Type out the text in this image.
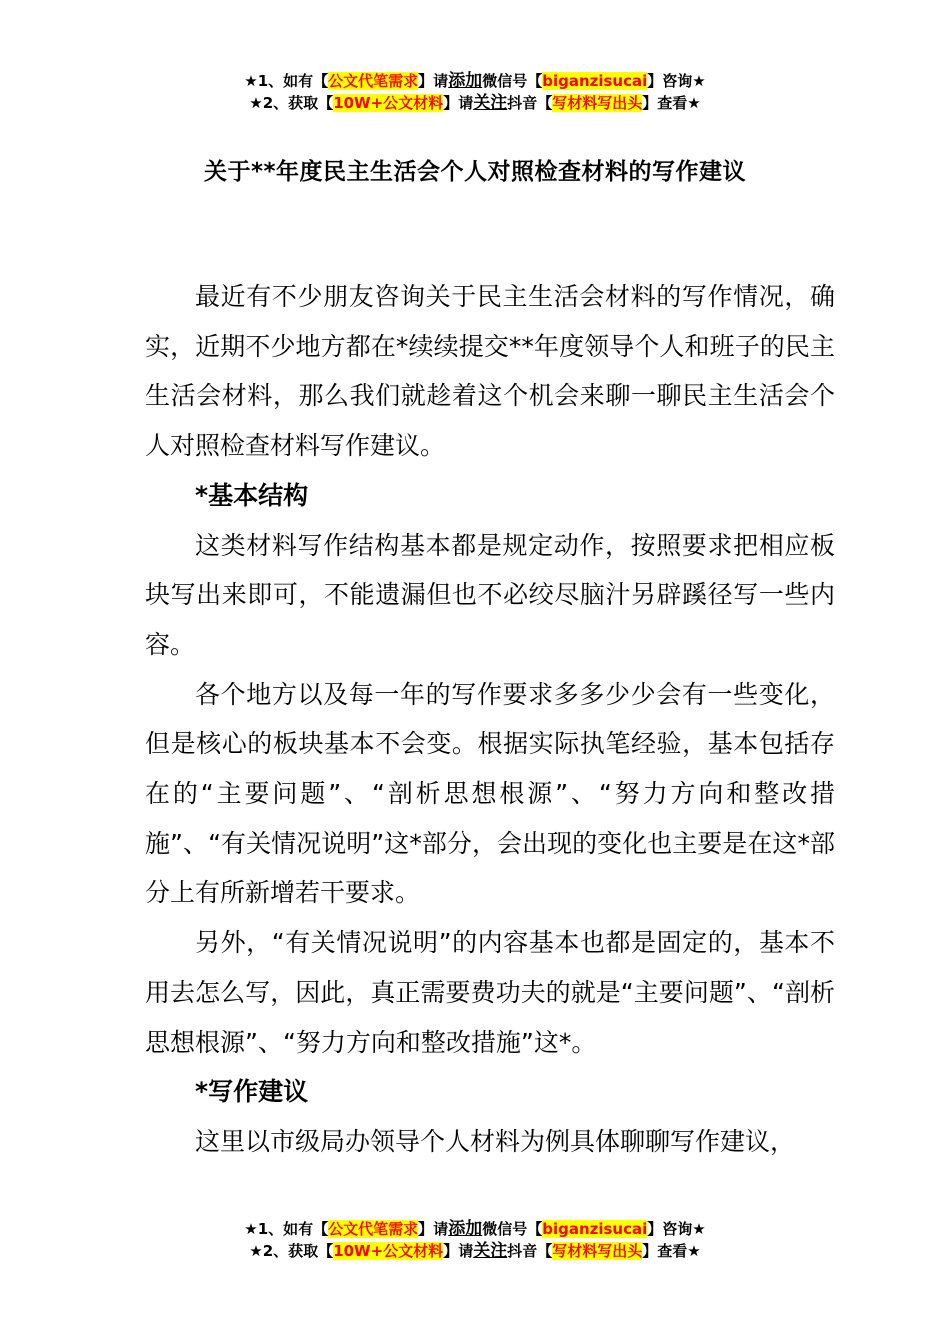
★1、如有【公文代笔需求】请添加微信号【biganzisucai】咨询★
★2、获取【10W+公文材料】请关注抖音【写材料写出头】查看★
关于**年度民主生活会个人对照检查材料的写作建议

最近有不少朋友咨询关于民主生活会材料的写作情况，确实，近期不少地方都在*续续提交**年度领导个人和班子的民主生活会材料，那么我们就趁着这个机会来聊一聊民主生活会个人对照检查材料写作建议。

*基本结构

这类材料写作结构基本都是规定动作，按照要求把相应板块写出来即可，不能遗漏但也不必绞尽脑汁另辟蹊径写一些内容。

各个地方以及每一年的写作要求多多少少会有一些变化，但是核心的板块基本不会变。根据实际执笔经验，基本包括存在的“主要问题”、“剖析思想根源”、“努力方向和整改措施”、“有关情况说明”这*部分，会出现的变化也主要是在这*部分上有所新增若干要求。

另外，“有关情况说明”的内容基本也都是固定的，基本不用去怎么写，因此，真正需要费功夫的就是“主要问题”、“剖析思想根源”、“努力方向和整改措施”这*。

*写作建议

这里以市级局办领导个人材料为例具体聊聊写作建议，

★1、如有【公文代笔需求】请添加微信号【biganzisucai】咨询★
★2、获取【10W+公文材料】请关注抖音【写材料写出头】查看★
